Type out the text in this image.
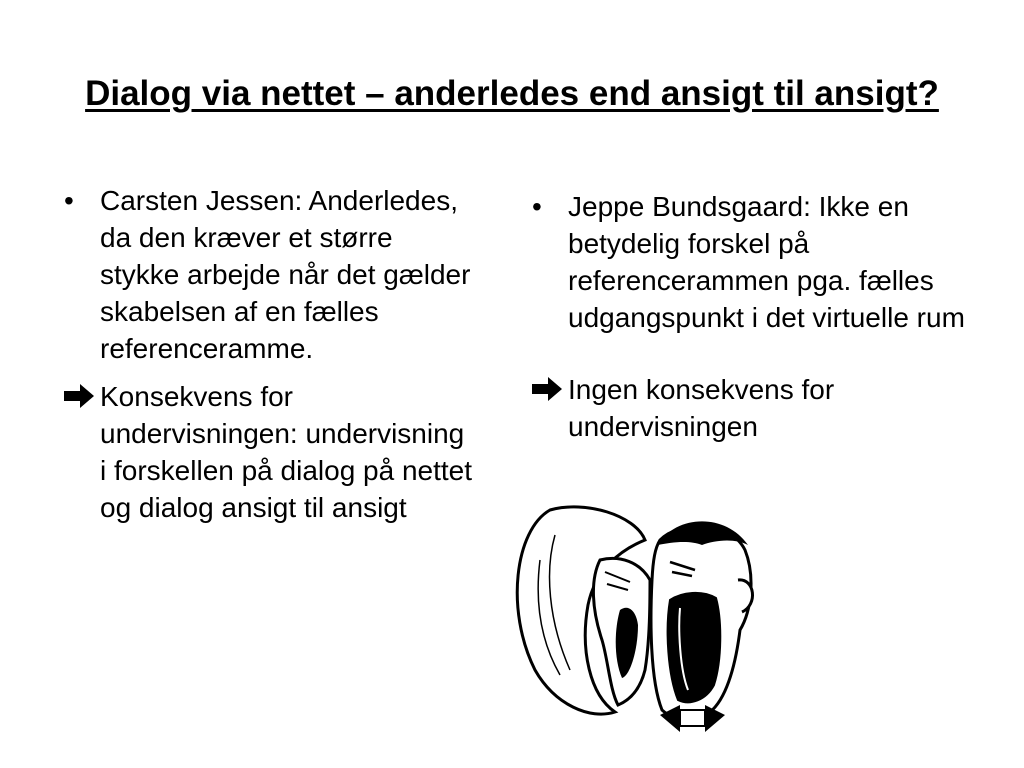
Dialog via nettet – anderledes end ansigt til ansigt?
• Carsten Jessen: Anderledes, da den kræver et større stykke arbejde når det gælder skabelsen af en fælles referenceramme.
Konsekvens for undervisningen: undervisning i forskellen på dialog på nettet og dialog ansigt til ansigt
• Jeppe Bundsgaard: Ikke en betydelig forskel på referencerammen pga. fælles udgangspunkt i det virtuelle rum
Ingen konsekvens for undervisningen
